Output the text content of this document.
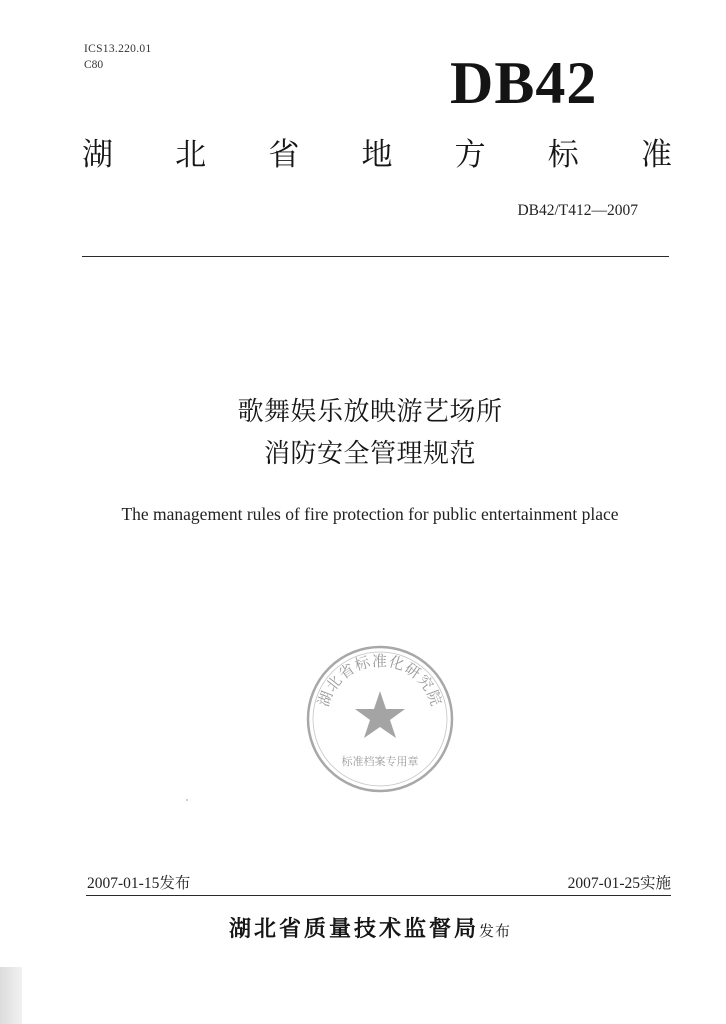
ICS13.220.01
C80	DB42
湖 北 省 地 方 标 准
DB42/T412—2007
歌舞娱乐放映游艺场所
消防安全管理规范
The management rules of fire protection for public entertainment place
湖北省标准化研究院
标准档案专用章
2007-01-15发布	2007-01-25实施
湖北省质量技术监督局发布
